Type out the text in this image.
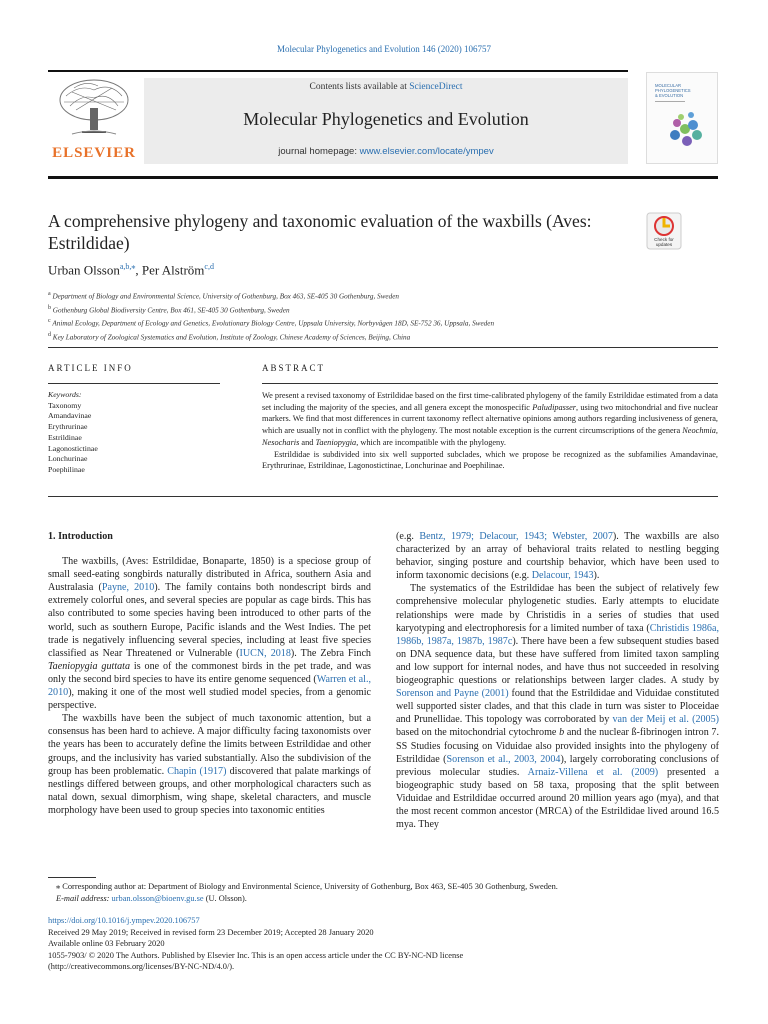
Molecular Phylogenetics and Evolution 146 (2020) 106757
ELSEVIER
Contents lists available at ScienceDirect
Molecular Phylogenetics and Evolution
journal homepage: www.elsevier.com/locate/ympev
MOLECULAR
PHYLOGENETICS
& EVOLUTION
A comprehensive phylogeny and taxonomic evaluation of the waxbills (Aves: Estrildidae)	Check for
updates
Urban Olsson$^{a,b,⁎}$, Per Alström$^{c,d}$
$^a$ Department of Biology and Environmental Science, University of Gothenburg, Box 463, SE-405 30 Gothenburg, Sweden
$^b$ Gothenburg Global Biodiversity Centre, Box 461, SE-405 30 Gothenburg, Sweden
$^c$ Animal Ecology, Department of Ecology and Genetics, Evolutionary Biology Centre, Uppsala University, Norbyvägen 18D, SE-752 36, Uppsala, Sweden
$^d$ Key Laboratory of Zoological Systematics and Evolution, Institute of Zoology, Chinese Academy of Sciences, Beijing, China
ARTICLE INFO	ABSTRACT
Keywords:
Taxonomy
Amandavinae
Erythrurinae
Estrildinae
Lagonostictinae
Lonchurinae
Poephilinae

We present a revised taxonomy of Estrildidae based on the first time-calibrated phylogeny of the family Estrildidae estimated from a data set including the majority of the species, and all genera except the monospecific Paludipasser, using two mitochondrial and five nuclear markers. We find that most differences in current taxonomy reflect alternative opinions among authors regarding inclusiveness of genera, which are usually not in conflict with the phylogeny. The most notable exception is the current circumscriptions of the genera Neochmia, Nesocharis and Taeniopygia, which are incompatible with the phylogeny.

Estrildidae is subdivided into six well supported subclades, which we propose be recognized as the subfamilies Amandavinae, Erythrurinae, Estrildinae, Lagonostictinae, Lonchurinae and Poephilinae.

1. Introduction

The waxbills, (Aves: Estrildidae, Bonaparte, 1850) is a speciose group of small seed-eating songbirds naturally distributed in Africa, southern Asia and Australasia (Payne, 2010). The family contains both nondescript birds and extremely colorful ones, and several species are popular as cage birds. This has also contributed to some species having been introduced to other parts of the world, such as southern Europe, Pacific islands and the West Indies. The pet trade is negatively influencing several species, including at least five species classified as Near Threatened or Vulnerable (IUCN, 2018). The Zebra Finch Taeniopygia guttata is one of the commonest birds in the pet trade, and was only the second bird species to have its entire genome sequenced (Warren et al., 2010), making it one of the most well studied model species, from a genomic perspective.

The waxbills have been the subject of much taxonomic attention, but a consensus has been hard to achieve. A major difficulty facing taxonomists over the years has been to accurately define the limits between Estrildidae and other groups, and the inclusivity has varied substantially. Also the subdivision of the group has been problematic. Chapin (1917) discovered that palate markings of nestlings differed between groups, and other morphological characters such as natal down, sexual dimorphism, wing shape, skeletal characters, and muscle morphology have been used to group species into taxonomic entities

(e.g. Bentz, 1979; Delacour, 1943; Webster, 2007). The waxbills are also characterized by an array of behavioral traits related to nestling begging behavior, singing posture and courtship behavior, which have been used to inform taxonomic decisions (e.g. Delacour, 1943).

The systematics of the Estrildidae has been the subject of relatively few comprehensive molecular phylogenetic studies. Early attempts to elucidate relationships were made by Christidis in a series of studies that used karyotyping and electrophoresis for a limited number of taxa (Christidis 1986a, 1986b, 1987a, 1987b, 1987c). There have been a few subsequent studies based on DNA sequence data, but these have suffered from limited taxon sampling and low support for internal nodes, and have thus not succeeded in resolving biogeographic questions or relationships between larger clades. A study by Sorenson and Payne (2001) found that the Estrildidae and Viduidae constituted well supported sister clades, and that this clade in turn was sister to Ploceidae and Prunellidae. This topology was corroborated by van der Meij et al. (2005) based on the mitochondrial cytochrome b and the nuclear ß-fibrinogen intron 7. SS Studies focusing on Viduidae also provided insights into the phylogeny of Estrildidae (Sorenson et al., 2003, 2004), largely corroborating conclusions of previous molecular studies. Arnaiz-Villena et al. (2009) presented a biogeographic study based on 58 taxa, proposing that the split between Viduidae and Estrildidae occurred around 20 million years ago (mya), and that the most recent common ancestor (MRCA) of the Estrildidae lived around 16.5 mya. They

⁎ Corresponding author at: Department of Biology and Environmental Science, University of Gothenburg, Box 463, SE-405 30 Gothenburg, Sweden.
E-mail address: urban.olsson@bioenv.gu.se (U. Olsson).
https://doi.org/10.1016/j.ympev.2020.106757
Received 29 May 2019; Received in revised form 23 December 2019; Accepted 28 January 2020
Available online 03 February 2020
1055-7903/ © 2020 The Authors. Published by Elsevier Inc. This is an open access article under the CC BY-NC-ND license
(http://creativecommons.org/licenses/BY-NC-ND/4.0/).
